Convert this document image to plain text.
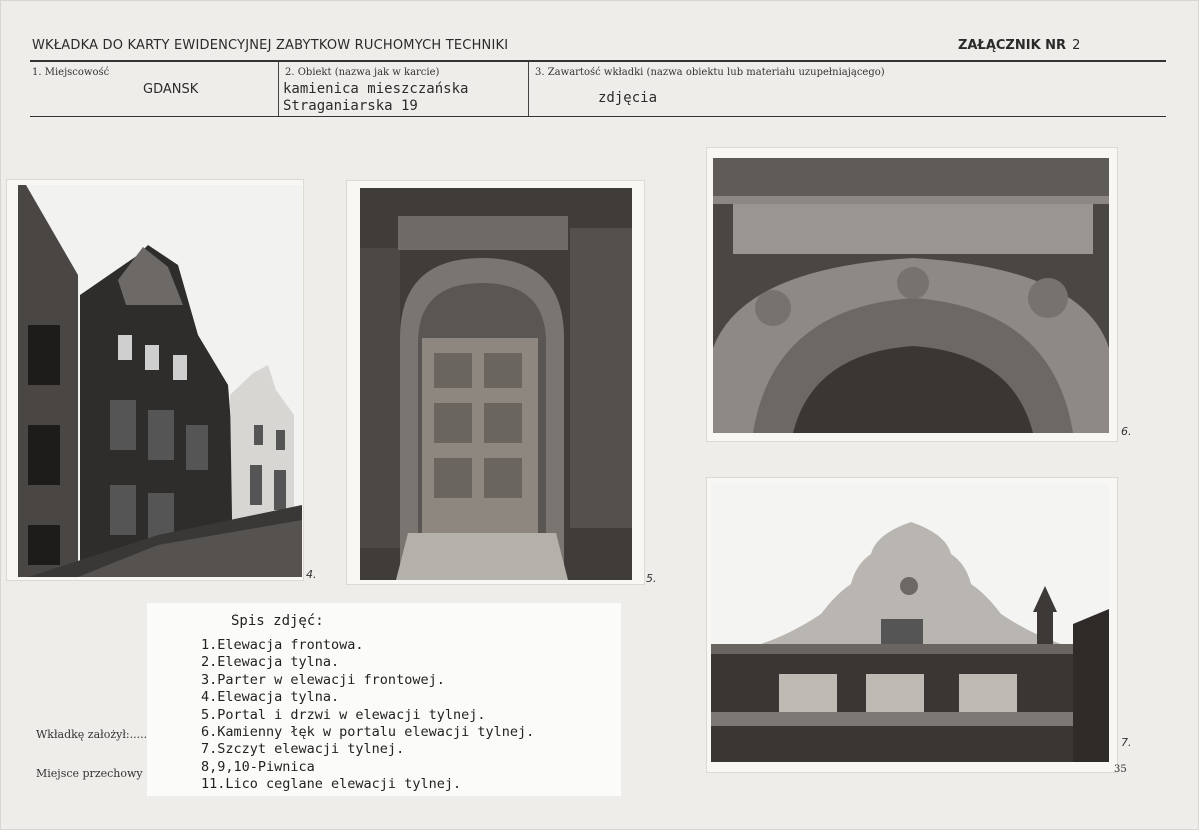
WKŁADKA DO KARTY EWIDENCYJNEJ ZABYTKOW RUCHOMYCH TECHNIKI	ZAŁĄCZNIK NR 2
1. Miejscowość
GDANSK
2. Obiekt (nazwa jak w karcie)
kamienica mieszczańska
Straganiarska 19
3. Zawartość wkładki (nazwa obiektu lub materiału uzupełniającego)
zdjęcia
4.	5.
6.
7.
Wkładkę założył:.....
Miejsce przechowy	35
Spis zdjęć:
1.Elewacja frontowa.
2.Elewacja tylna.
3.Parter w elewacji frontowej.
4.Elewacja tylna.
5.Portal i drzwi w elewacji tylnej.
6.Kamienny łęk w portalu elewacji tylnej.
7.Szczyt elewacji tylnej.
8,9,10-Piwnica
11.Lico ceglane elewacji tylnej.
